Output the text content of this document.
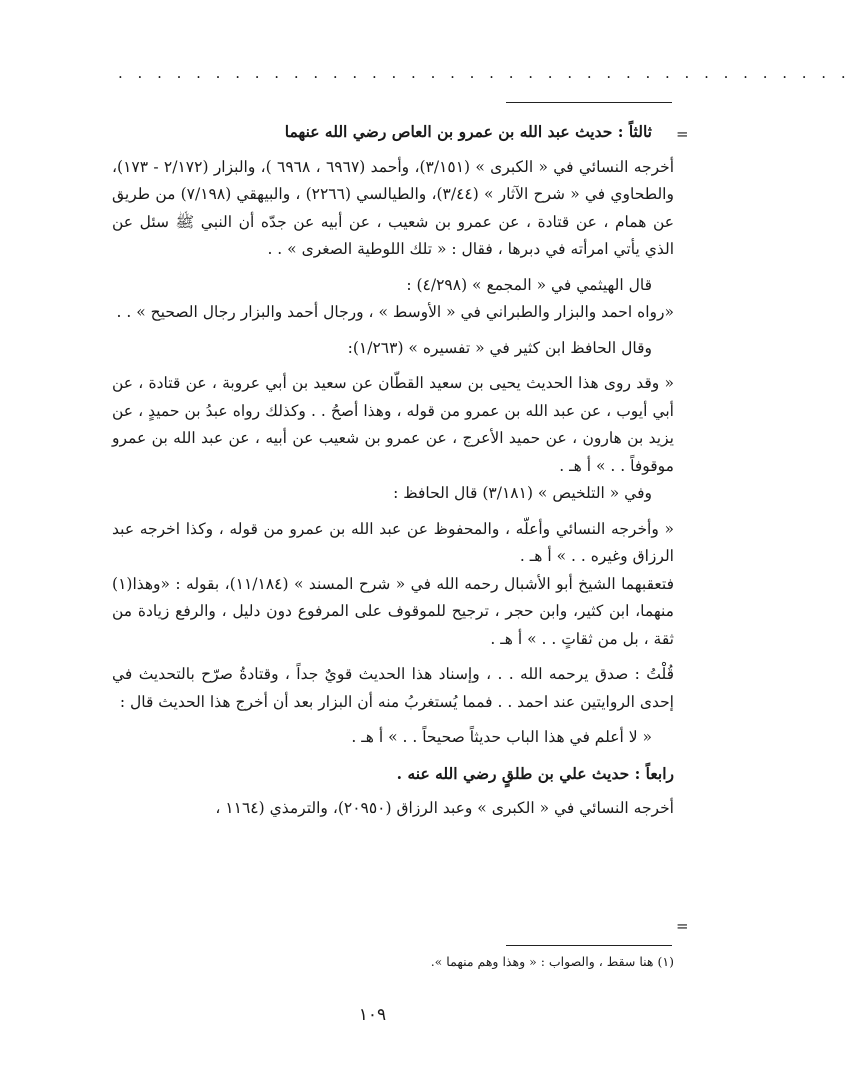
. . . . . . . . . . . . . . . . . . . . . . . . . . . . . . . . . . . . . .
=
=

ثالثاً : حديث عبد الله بن عمرو بن العاص رضي الله عنهما

أخرجه النسائي في « الكبرى » (٣/١٥١)، وأحمد (٦٩٦٧ ، ٦٩٦٨ )، والبزار (٢/١٧٢ - ١٧٣)، والطحاوي في « شرح الآثار » (٣/٤٤)، والطيالسي (٢٢٦٦) ، والبيهقي (٧/١٩٨) من طريق عن همام ، عن قتادة ، عن عمرو بن شعيب ، عن أبيه عن جدّه أن النبي ﷺ سئل عن الذي يأتي امرأته في دبرها ، فقال : « تلك اللوطية الصغرى » . .

قال الهيثمي في « المجمع » (٤/٢٩٨) :

«رواه احمد والبزار والطبراني في « الأوسط » ، ورجال أحمد والبزار رجال الصحيح » . .

وقال الحافظ ابن كثير في « تفسيره » (١/٢٦٣):

« وقد روى هذا الحديث يحيى بن سعيد القطّان عن سعيد بن أبي عروبة ، عن قتادة ، عن أبي أيوب ، عن عبد الله بن عمرو من قوله ، وهذا أصحُ . . وكذلك رواه عبدُ بن حميدٍ ، عن يزيد بن هارون ، عن حميد الأعرج ، عن عمرو بن شعيب عن أبيه ، عن عبد الله بن عمرو موقوفاً . . » أ هـ .

وفي « التلخيص » (٣/١٨١) قال الحافظ :

« وأخرجه النسائي وأعلّه ، والمحفوظ عن عبد الله بن عمرو من قوله ، وكذا اخرجه عبد الرزاق وغيره . . » أ هـ .

فتعقبهما الشيخ أبو الأشبال رحمه الله في « شرح المسند » (١١/١٨٤)، بقوله : «وهذا(١) منهما، ابن كثير، وابن حجر ، ترجيح للموقوف على المرفوع دون دليل ، والرفع زيادة من ثقة ، بل من ثقاتٍ . . » أ هـ .

قُلْتُ : صدق يرحمه الله . . ، وإسناد هذا الحديث قويٌ جداً ، وقتادةُ صرّح بالتحديث في إحدى الروايتين عند احمد . . فمما يُستغربُ منه أن البزار بعد أن أخرج هذا الحديث قال :

« لا أعلم في هذا الباب حديثاً صحيحاً . . » أ هـ .

رابعاً : حديث علي بن طلقٍ رضي الله عنه .

أخرجه النسائي في « الكبرى » وعبد الرزاق (٢٠٩٥٠)، والترمذي (١١٦٤ ،

(١) هنا سقط ، والصواب : « وهذا وهم منهما ».
١٠٩
